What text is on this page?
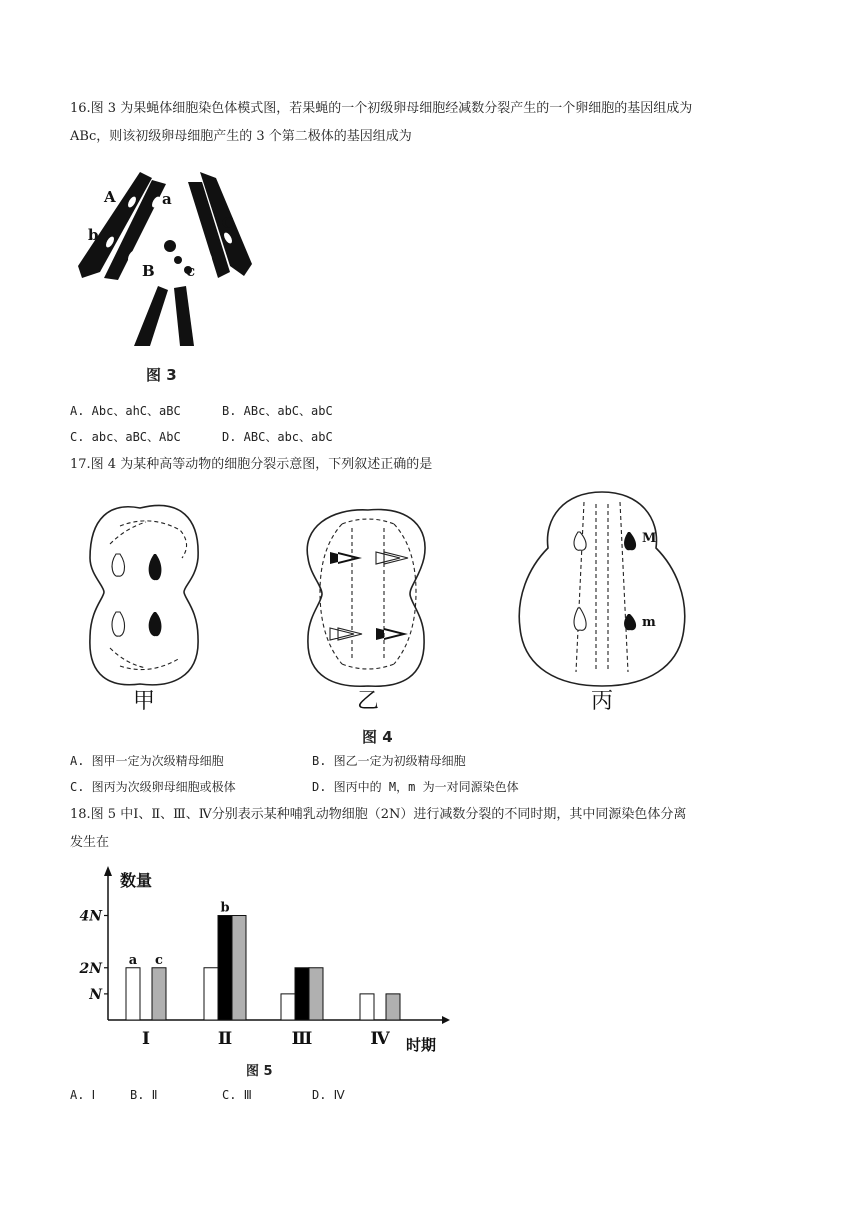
16.图 3 为果蝇体细胞染色体模式图，若果蝇的一个初级卵母细胞经减数分裂产生的一个卵细胞的基因组成为
ABc，则该初级卵母细胞产生的 3 个第二极体的基因组成为
A	a
b
B c
C
图 3
A. Abc、ahC、aBC	B. ABc、abC、abC
C. abc、aBC、AbC	D. ABC、abc、abC
17.图 4 为某种高等动物的细胞分裂示意图，下列叙述正确的是
M
m
甲	乙	丙
图 4
A. 图甲一定为次级精母细胞	B. 图乙一定为初级精母细胞
C. 图丙为次级卵母细胞或极体	D. 图丙中的 M，m 为一对同源染色体
18.图 5 中Ⅰ、Ⅱ、Ⅲ、Ⅳ分别表示某种哺乳动物细胞（2N）进行减数分裂的不同时期，其中同源染色体分离
发生在
数量
时期
N
2N
4N
a c
Ⅰ
b
Ⅱ	Ⅲ	Ⅳ
图 5
A. Ⅰ	B. Ⅱ	C. Ⅲ	D. Ⅳ
